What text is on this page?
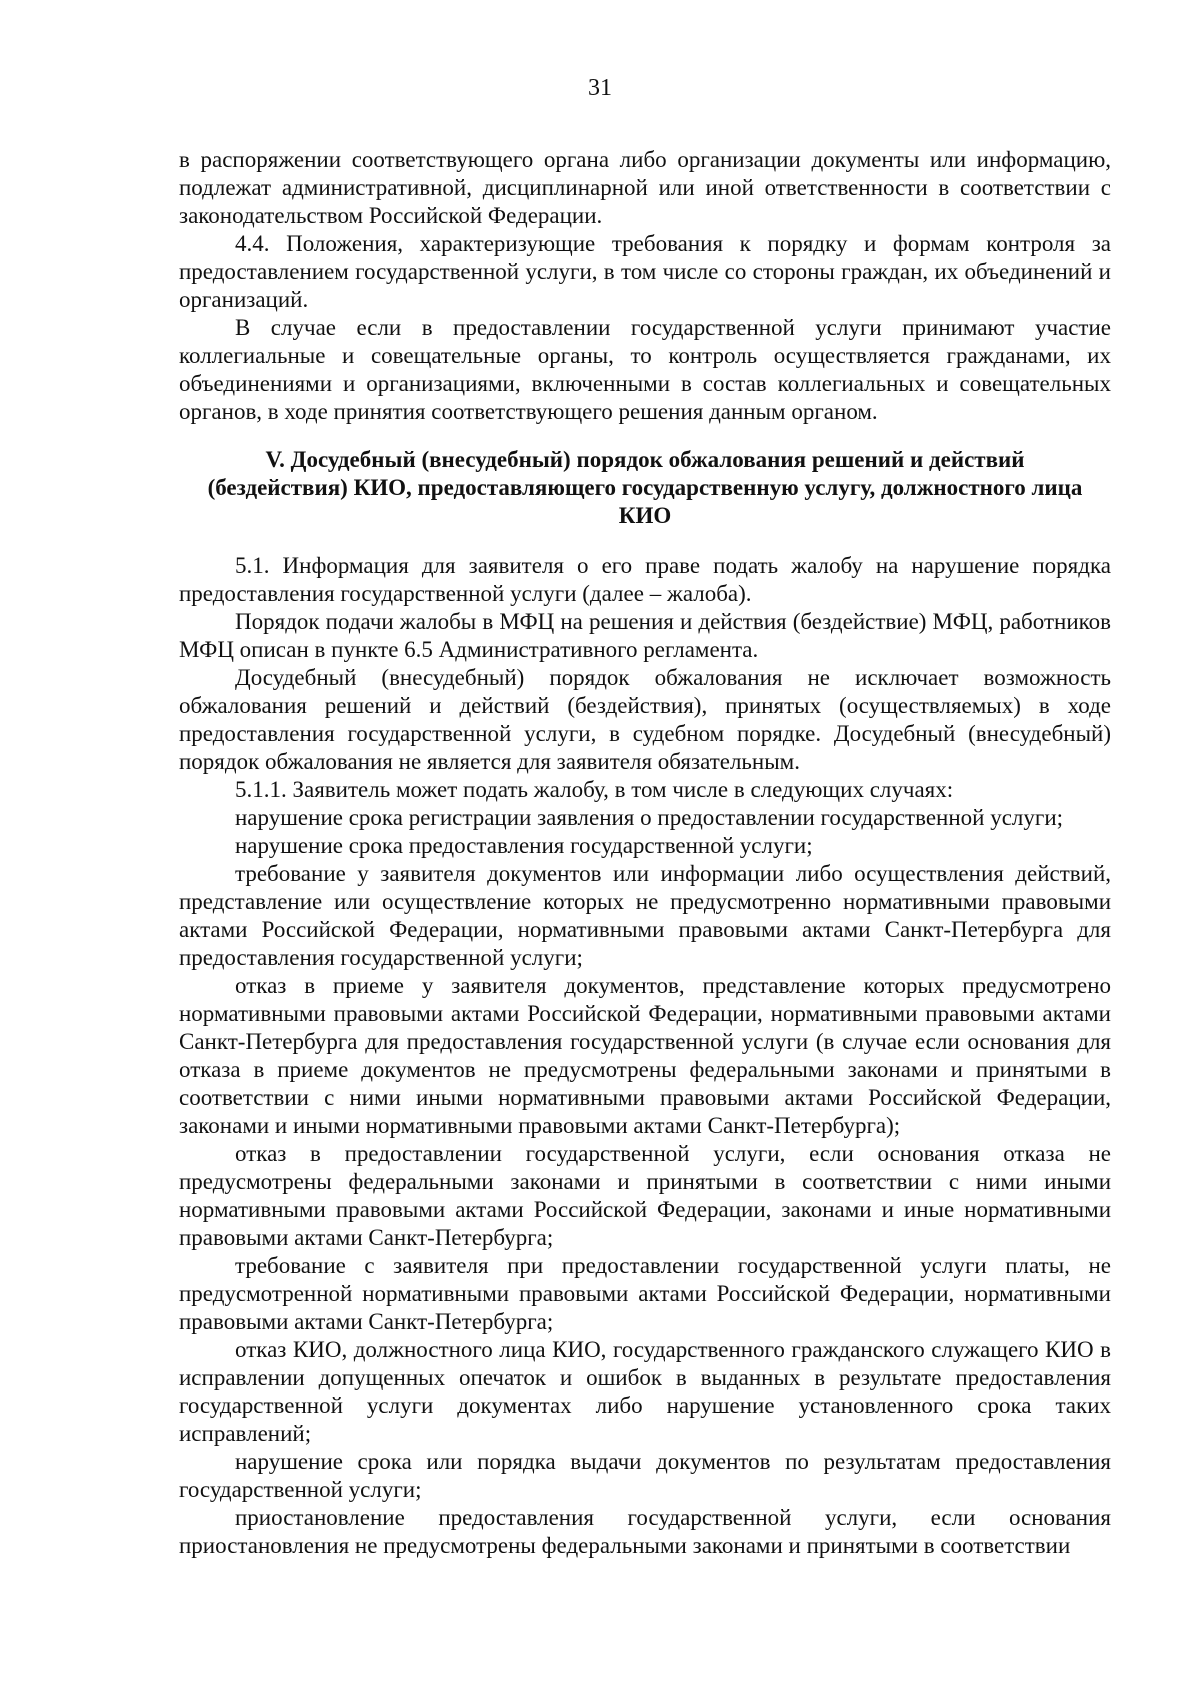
31

в распоряжении соответствующего органа либо организации документы или информацию, подлежат административной, дисциплинарной или иной ответственности в соответствии с законодательством Российской Федерации.

4.4. Положения, характеризующие требования к порядку и формам контроля за предоставлением государственной услуги, в том числе со стороны граждан, их объединений и организаций.

В случае если в предоставлении государственной услуги принимают участие коллегиальные и совещательные органы, то контроль осуществляется гражданами, их объединениями и организациями, включенными в состав коллегиальных и совещательных органов, в ходе принятия соответствующего решения данным органом.

V. Досудебный (внесудебный) порядок обжалования решений и действий (бездействия) КИО, предоставляющего государственную услугу, должностного лица КИО

5.1. Информация для заявителя о его праве подать жалобу на нарушение порядка предоставления государственной услуги (далее – жалоба).

Порядок подачи жалобы в МФЦ на решения и действия (бездействие) МФЦ, работников МФЦ описан в пункте 6.5 Административного регламента.

Досудебный (внесудебный) порядок обжалования не исключает возможность обжалования решений и действий (бездействия), принятых (осуществляемых) в ходе предоставления государственной услуги, в судебном порядке. Досудебный (внесудебный) порядок обжалования не является для заявителя обязательным.

5.1.1. Заявитель может подать жалобу, в том числе в следующих случаях:

нарушение срока регистрации заявления о предоставлении государственной услуги;

нарушение срока предоставления государственной услуги;

требование у заявителя документов или информации либо осуществления действий, представление или осуществление которых не предусмотренно нормативными правовыми актами Российской Федерации, нормативными правовыми актами Санкт-Петербурга для предоставления государственной услуги;

отказ в приеме у заявителя документов, представление которых предусмотрено нормативными правовыми актами Российской Федерации, нормативными правовыми актами Санкт-Петербурга для предоставления государственной услуги (в случае если основания для отказа в приеме документов не предусмотрены федеральными законами и принятыми в соответствии с ними иными нормативными правовыми актами Российской Федерации, законами и иными нормативными правовыми актами Санкт-Петербурга);

отказ в предоставлении государственной услуги, если основания отказа не предусмотрены федеральными законами и принятыми в соответствии с ними иными нормативными правовыми актами Российской Федерации, законами и иные нормативными правовыми актами Санкт-Петербурга;

требование с заявителя при предоставлении государственной услуги платы, не предусмотренной нормативными правовыми актами Российской Федерации, нормативными правовыми актами Санкт-Петербурга;

отказ КИО, должностного лица КИО, государственного гражданского служащего КИО в исправлении допущенных опечаток и ошибок в выданных в результате предоставления государственной услуги документах либо нарушение установленного срока таких исправлений;

нарушение срока или порядка выдачи документов по результатам предоставления государственной услуги;

приостановление предоставления государственной услуги, если основания приостановления не предусмотрены федеральными законами и принятыми в соответствии
